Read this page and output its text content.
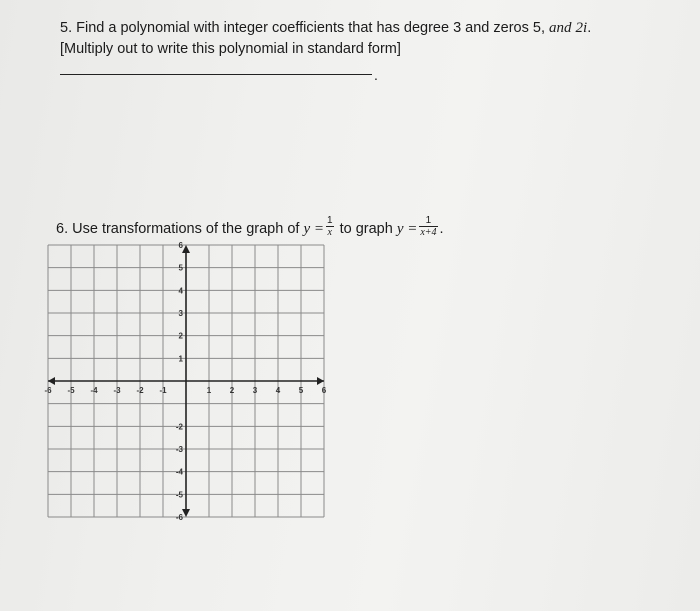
5. Find a polynomial with integer coefficients that has degree 3 and zeros 5, and 2i.
[Multiply out to write this polynomial in standard form]
.
6. Use transformations of the graph of $y = \frac{1}{x}$ to graph $y = \frac{1}{x+4}$ .
-6 -5 -4 -3 -2 -1	1 2 3 4 5 6
6
5
4
3
2
1
-2
-3
-4
-5
-6
